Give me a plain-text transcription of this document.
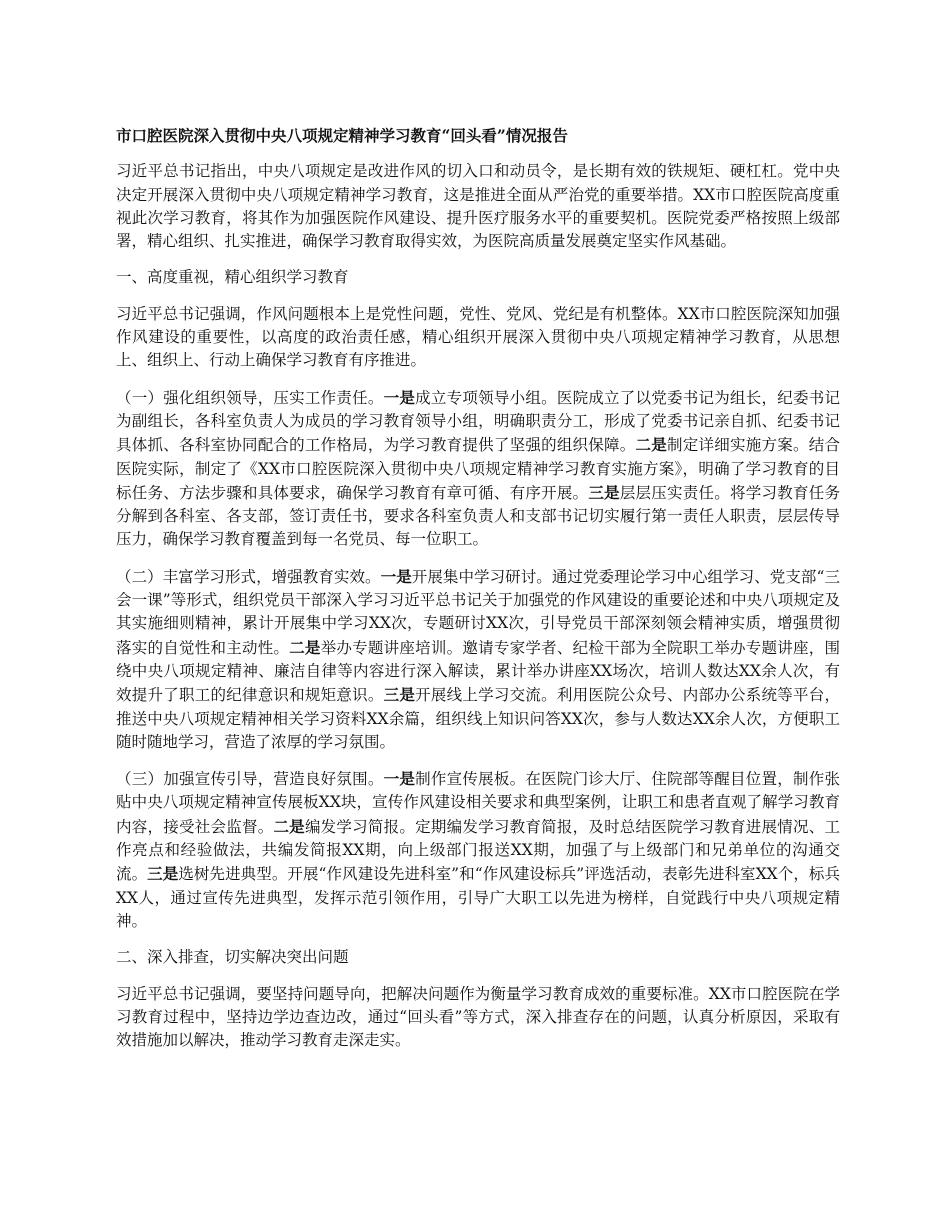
市口腔医院深入贯彻中央八项规定精神学习教育“回头看”情况报告

习近平总书记指出，中央八项规定是改进作风的切入口和动员令，是长期有效的铁规矩、硬杠杠。党中央决定开展深入贯彻中央八项规定精神学习教育，这是推进全面从严治党的重要举措。XX市口腔医院高度重视此次学习教育，将其作为加强医院作风建设、提升医疗服务水平的重要契机。医院党委严格按照上级部署，精心组织、扎实推进，确保学习教育取得实效，为医院高质量发展奠定坚实作风基础。

一、高度重视，精心组织学习教育

习近平总书记强调，作风问题根本上是党性问题，党性、党风、党纪是有机整体。XX市口腔医院深知加强作风建设的重要性，以高度的政治责任感，精心组织开展深入贯彻中央八项规定精神学习教育，从思想上、组织上、行动上确保学习教育有序推进。

（一）强化组织领导，压实工作责任。一是成立专项领导小组。医院成立了以党委书记为组长，纪委书记为副组长，各科室负责人为成员的学习教育领导小组，明确职责分工，形成了党委书记亲自抓、纪委书记具体抓、各科室协同配合的工作格局，为学习教育提供了坚强的组织保障。二是制定详细实施方案。结合医院实际，制定了《XX市口腔医院深入贯彻中央八项规定精神学习教育实施方案》，明确了学习教育的目标任务、方法步骤和具体要求，确保学习教育有章可循、有序开展。三是层层压实责任。将学习教育任务分解到各科室、各支部，签订责任书，要求各科室负责人和支部书记切实履行第一责任人职责，层层传导压力，确保学习教育覆盖到每一名党员、每一位职工。

（二）丰富学习形式，增强教育实效。一是开展集中学习研讨。通过党委理论学习中心组学习、党支部“三会一课”等形式，组织党员干部深入学习习近平总书记关于加强党的作风建设的重要论述和中央八项规定及其实施细则精神，累计开展集中学习XX次，专题研讨XX次，引导党员干部深刻领会精神实质，增强贯彻落实的自觉性和主动性。二是举办专题讲座培训。邀请专家学者、纪检干部为全院职工举办专题讲座，围绕中央八项规定精神、廉洁自律等内容进行深入解读，累计举办讲座XX场次，培训人数达XX余人次，有效提升了职工的纪律意识和规矩意识。三是开展线上学习交流。利用医院公众号、内部办公系统等平台，推送中央八项规定精神相关学习资料XX余篇，组织线上知识问答XX次，参与人数达XX余人次，方便职工随时随地学习，营造了浓厚的学习氛围。

（三）加强宣传引导，营造良好氛围。一是制作宣传展板。在医院门诊大厅、住院部等醒目位置，制作张贴中央八项规定精神宣传展板XX块，宣传作风建设相关要求和典型案例，让职工和患者直观了解学习教育内容，接受社会监督。二是编发学习简报。定期编发学习教育简报，及时总结医院学习教育进展情况、工作亮点和经验做法，共编发简报XX期，向上级部门报送XX期，加强了与上级部门和兄弟单位的沟通交流。三是选树先进典型。开展“作风建设先进科室”和“作风建设标兵”评选活动，表彰先进科室XX个，标兵XX人，通过宣传先进典型，发挥示范引领作用，引导广大职工以先进为榜样，自觉践行中央八项规定精神。

二、深入排查，切实解决突出问题

习近平总书记强调，要坚持问题导向，把解决问题作为衡量学习教育成效的重要标准。XX市口腔医院在学习教育过程中，坚持边学边查边改，通过“回头看”等方式，深入排查存在的问题，认真分析原因，采取有效措施加以解决，推动学习教育走深走实。
